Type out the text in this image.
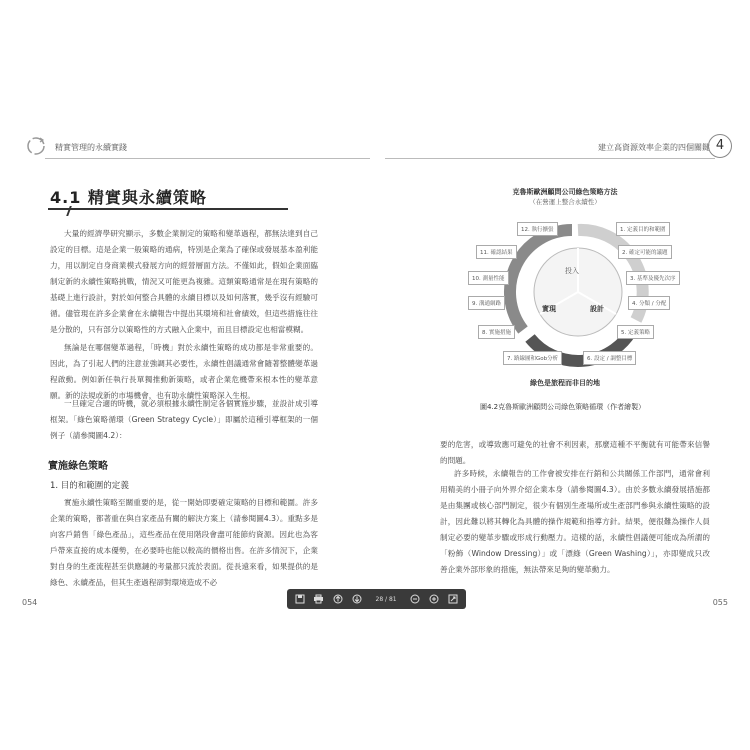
精實管理的永續實踐	建立高資源效率企業的四個關鍵 4
4.1 精實與永續策略
大量的經濟學研究顯示，多數企業制定的策略和變革過程，都無法達到自己設定的目標。這是企業一般策略的通病，特別是企業為了確保或發展基本盈利能力，用以制定自身商業模式發展方向的經營層面方法。不僅如此，假如企業面臨制定新的永續性策略挑戰，情況又可能更為複雜。這類策略通常是在現有策略的基礎上進行設計，對於如何整合具體的永續目標以及如何落實，幾乎沒有經驗可循。儘管現在許多企業會在永續報告中提出其環境和社會績效，但這些措施往往是分散的，只有部分以策略性的方式融入企業中，而且目標設定也相當模糊。
無論是在哪個變革過程，「時機」對於永續性策略的成功都是非常重要的。因此，為了引起人們的注意並強調其必要性，永續性倡議通常會隨著整體變革過程啟動。例如新任執行長單獨推動新策略，或者企業危機帶來根本性的變革意願。新的法規或新的市場機會，也有助永續性策略深入生根。
一旦確定合適的時機，就必須根據永續性制定各個實施步驟，並設計成引導框架。「綠色策略循環（Green Strategy Cycle）」即屬於這種引導框架的一個例子（請參閱圖4.2）：
實施綠色策略
1. 目的和範圍的定義
實施永續性策略至關重要的是，從一開始即要確定策略的目標和範圍。許多企業的策略，都著重在與自家產品有關的解決方案上（請參閱圖4.3）。重點多是向客戶銷售「綠色產品」，這些產品在使用階段會盡可能節約資源。因此也為客戶帶來直接的成本優勢，在必要時也能以較高的價格出售。在許多情況下，企業對自身的生產流程甚至供應鏈的考量都只流於表面。從長遠來看，如果提供的是綠色、永續產品，但其生產過程卻對環境造成不必
054
克魯斯歐洲顧問公司綠色策略方法
（在營運上整合永續性）
投入
設計
實現
1. 定義目的和範圍
2. 確定可能的議題
3. 基準及優先次序
4. 分類 / 分配
5. 定義策略
6. 設定 / 調整目標
7. 路線圖和Gob分析
8. 實施措施
9. 溝通網路
10. 測量性能
11. 確認結果
12. 執行擴張
綠色是旅程而非目的地
圖4.2克魯斯歐洲顧問公司綠色策略循環（作者繪製）
要的危害，或導致應可避免的社會不利因素，那麼這種不平衡就有可能帶來信譽的問題。
許多時候，永續報告的工作會被安排在行銷和公共關係工作部門，通常會利用精美的小冊子向外界介紹企業本身（請參閱圖4.3）。由於多數永續發展措施都是由集團或核心部門制定，很少有個別生產場所或生產部門參與永續性策略的設計，因此難以將其轉化為具體的操作規範和指導方針。結果，便很難為操作人員制定必要的變革步驟或形成行動壓力。這樣的話，永續性倡議便可能成為所謂的「粉飾（Window Dressing）」或「漂綠（Green Washing）」，亦即變成只改善企業外部形象的措施，無法帶來足夠的變革動力。
055
28 / 81
